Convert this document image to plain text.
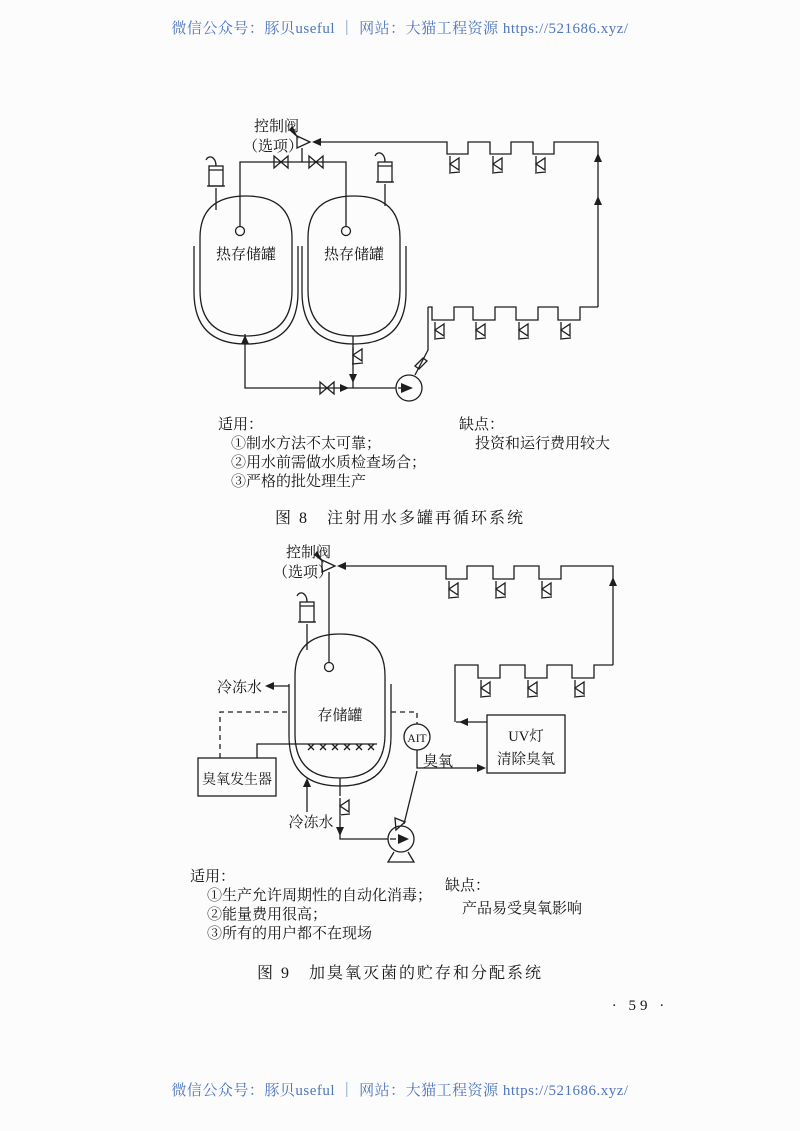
微信公众号：豚贝useful ｜ 网站：大猫工程资源 https://521686.xyz/
控制阀
（选项）
热存储罐	热存储罐
控制阀
（选项）
冷冻水
存储罐
臭氧发生器
AIT
臭氧
UV灯
清除臭氧
冷冻水
适用：
①制水方法不太可靠；
②用水前需做水质检查场合；
③严格的批处理生产
缺点：
投资和运行费用较大
图 8　注射用水多罐再循环系统
适用：
①生产允许周期性的自动化消毒；
②能量费用很高；
③所有的用户都不在现场
缺点：
产品易受臭氧影响
图 9　加臭氧灭菌的贮存和分配系统
· 59 ·
微信公众号：豚贝useful ｜ 网站：大猫工程资源 https://521686.xyz/
